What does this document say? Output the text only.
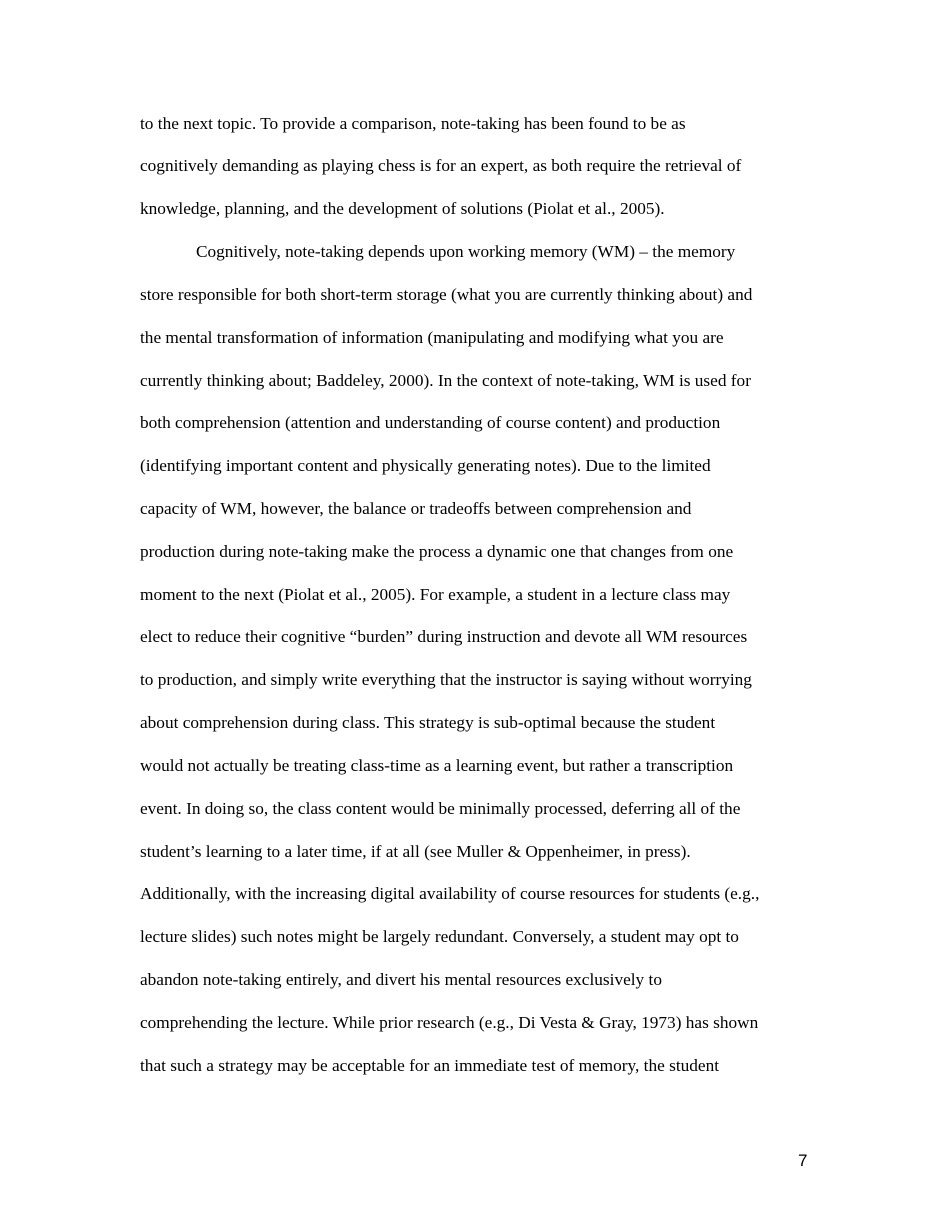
to the next topic. To provide a comparison, note-taking has been found to be as
cognitively demanding as playing chess is for an expert, as both require the retrieval of
knowledge, planning, and the development of solutions (Piolat et al., 2005).
Cognitively, note-taking depends upon working memory (WM) – the memory
store responsible for both short-term storage (what you are currently thinking about) and
the mental transformation of information (manipulating and modifying what you are
currently thinking about; Baddeley, 2000). In the context of note-taking, WM is used for
both comprehension (attention and understanding of course content) and production
(identifying important content and physically generating notes). Due to the limited
capacity of WM, however, the balance or tradeoffs between comprehension and
production during note-taking make the process a dynamic one that changes from one
moment to the next (Piolat et al., 2005). For example, a student in a lecture class may
elect to reduce their cognitive “burden” during instruction and devote all WM resources
to production, and simply write everything that the instructor is saying without worrying
about comprehension during class. This strategy is sub-optimal because the student
would not actually be treating class-time as a learning event, but rather a transcription
event. In doing so, the class content would be minimally processed, deferring all of the
student’s learning to a later time, if at all (see Muller & Oppenheimer, in press).
Additionally, with the increasing digital availability of course resources for students (e.g.,
lecture slides) such notes might be largely redundant. Conversely, a student may opt to
abandon note-taking entirely, and divert his mental resources exclusively to
comprehending the lecture. While prior research (e.g., Di Vesta & Gray, 1973) has shown
that such a strategy may be acceptable for an immediate test of memory, the student
7
